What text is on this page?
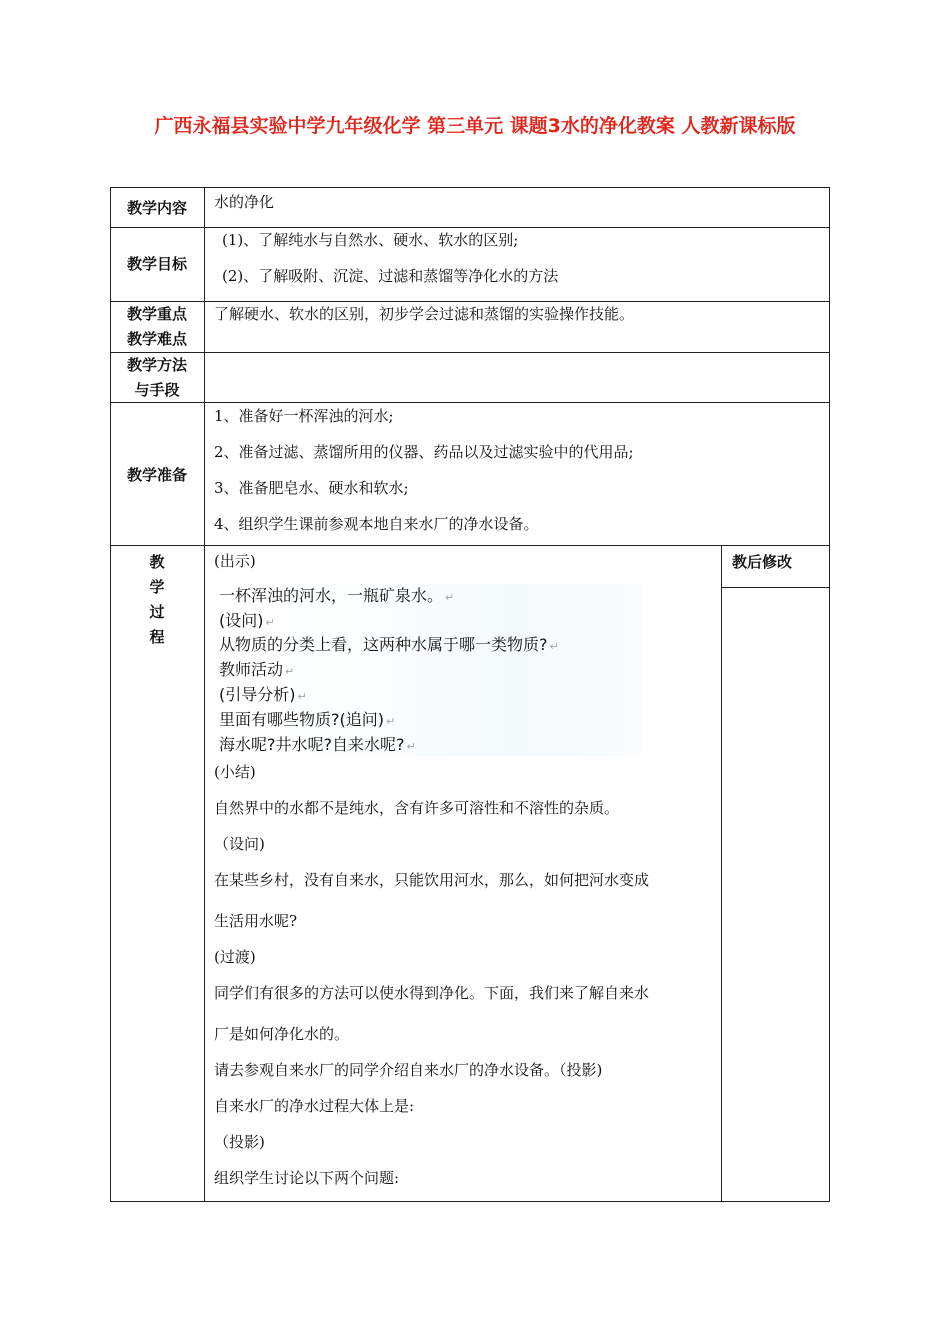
广西永福县实验中学九年级化学 第三单元 课题3水的净化教案 人教新课标版
教学内容	水的净化
教学目标
(1)、了解纯水与自然水、硬水、软水的区别;
(2)、了解吸附、沉淀、过滤和蒸馏等净化水的方法
教学重点
教学难点
了解硬水、软水的区别，初步学会过滤和蒸馏的实验操作技能。
教学方法
与手段
教学准备
1、准备好一杯浑浊的河水;
2、准备过滤、蒸馏所用的仪器、药品以及过滤实验中的代用品;
3、准备肥皂水、硬水和软水;
4、组织学生课前参观本地自来水厂的净水设备。
教
学
过
程
教后修改
(出示)
一杯浑浊的河水，一瓶矿泉水。 ↵
(设问) ↵
从物质的分类上看，这两种水属于哪一类物质? ↵
教师活动 ↵
(引导分析) ↵
里面有哪些物质?(追问) ↵
海水呢?井水呢?自来水呢? ↵
(小结)
自然界中的水都不是纯水，含有许多可溶性和不溶性的杂质。
（设问)
在某些乡村，没有自来水，只能饮用河水，那么，如何把河水变成
生活用水呢?
(过渡)
同学们有很多的方法可以使水得到净化。下面，我们来了解自来水
厂是如何净化水的。
请去参观自来水厂的同学介绍自来水厂的净水设备。（投影)
自来水厂的净水过程大体上是:
（投影)
组织学生讨论以下两个问题:
